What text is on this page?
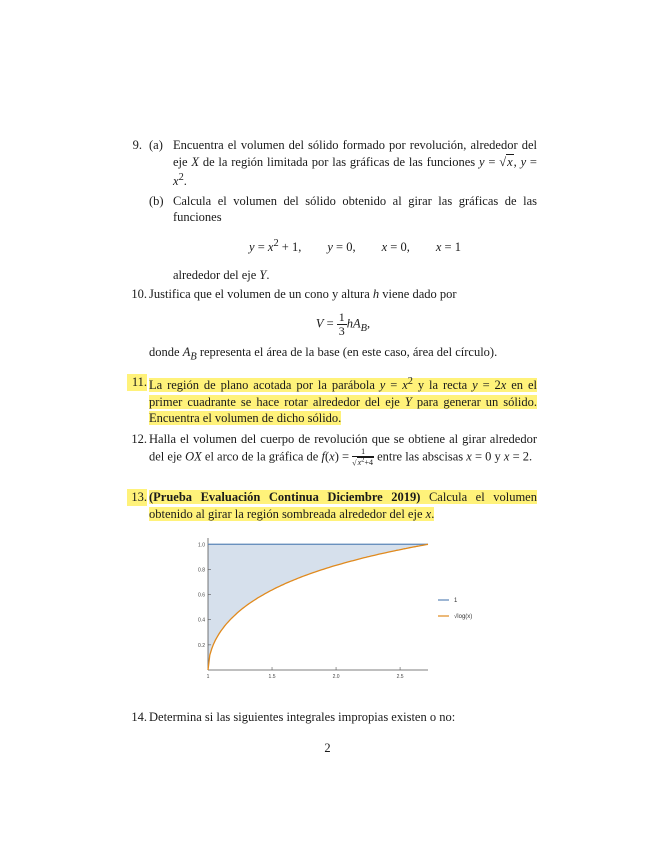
9. (a) Encuentra el volumen del sólido formado por revolución, alrededor del eje X de la región limitada por las gráficas de las funciones y = √x, $y = x^2$.
(b) Calcula el volumen del sólido obtenido al girar las gráficas de las funciones
$y = x^2 + 1$, y = 0, x = 0, x = 1
alrededor del eje Y.
10. Justifica que el volumen de un cono y altura h viene dado por
$V = \frac{1}{3} hA_B$,
donde $A_B$ representa el área de la base (en este caso, área del círculo).
11. La región de plano acotada por la parábola $y = x^2$ y la recta y = 2x en el primer cuadrante se hace rotar alrededor del eje Y para generar un sólido. Encuentra el volumen de dicho sólido.
12. Halla el volumen del cuerpo de revolución que se obtiene al girar alrededor del eje OX el arco de la gráfica de $f(x) = \frac{1}{√x^2+4}$ entre las abscisas x = 0 y x = 2.
13. (Prueba Evaluación Continua Diciembre 2019) Calcula el volumen obtenido al girar la región sombreada alrededor del eje x.
1	1.5	2.0	2.5
0.2
0.4
0.6
0.8
1.0
1
√log(x)
14. Determina si las siguientes integrales impropias existen o no:
2
